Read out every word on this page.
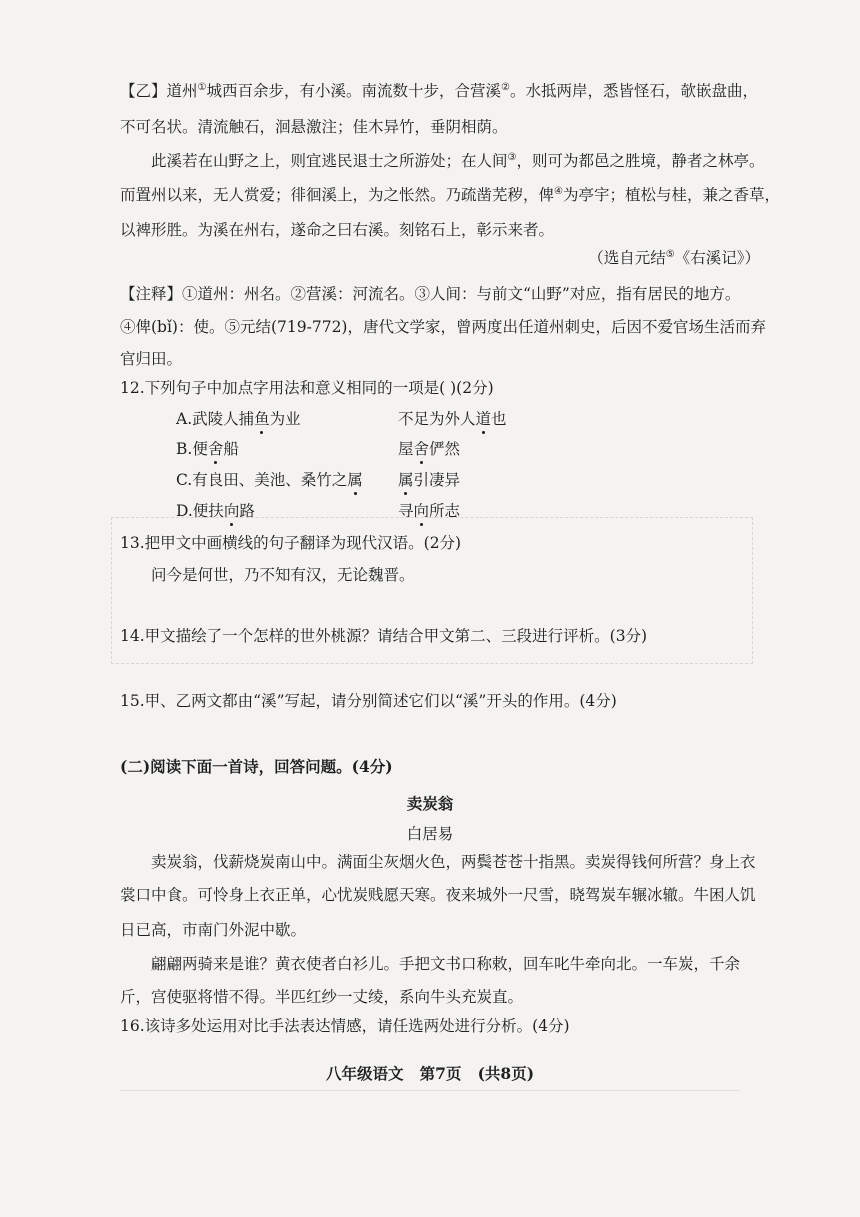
【乙】道州①城西百余步，有小溪。南流数十步，合营溪②。水抵两岸，悉皆怪石，欹嵌盘曲，
不可名状。清流触石，洄悬激注；佳木异竹，垂阴相荫。
此溪若在山野之上，则宜逃民退士之所游处；在人间③，则可为都邑之胜境，静者之林亭。
而置州以来，无人赏爱；徘徊溪上，为之怅然。乃疏凿芜秽，俾④为亭宇；植松与桂，兼之香草，
以裨形胜。为溪在州右，遂命之曰右溪。刻铭石上，彰示来者。
（选自元结⑤《右溪记》）
【注释】①道州：州名。②营溪：河流名。③人间：与前文“山野”对应，指有居民的地方。
④俾(bǐ)：使。⑤元结(719-772)，唐代文学家，曾两度出任道州刺史，后因不爱官场生活而弃
官归田。
12.下列句子中加点字用法和意义相同的一项是( )(2分)
A.武陵人捕鱼为业	不足为外人道也
B.便舍船	屋舍俨然
C.有良田、美池、桑竹之属	属引凄异
D.便扶向路	寻向所志
13.把甲文中画横线的句子翻译为现代汉语。(2分)
问今是何世，乃不知有汉，无论魏晋。
14.甲文描绘了一个怎样的世外桃源？请结合甲文第二、三段进行评析。(3分)
15.甲、乙两文都由“溪”写起，请分别简述它们以“溪”开头的作用。(4分)
(二)阅读下面一首诗，回答问题。(4分)
卖炭翁
白居易
卖炭翁，伐薪烧炭南山中。满面尘灰烟火色，两鬓苍苍十指黑。卖炭得钱何所营？身上衣
裳口中食。可怜身上衣正单，心忧炭贱愿天寒。夜来城外一尺雪，晓驾炭车辗冰辙。牛困人饥
日已高，市南门外泥中歇。
翩翩两骑来是谁？黄衣使者白衫儿。手把文书口称敕，回车叱牛牵向北。一车炭，千余
斤，宫使驱将惜不得。半匹红纱一丈绫，系向牛头充炭直。
16.该诗多处运用对比手法表达情感，请任选两处进行分析。(4分)
八年级语文   第7页   (共8页)
